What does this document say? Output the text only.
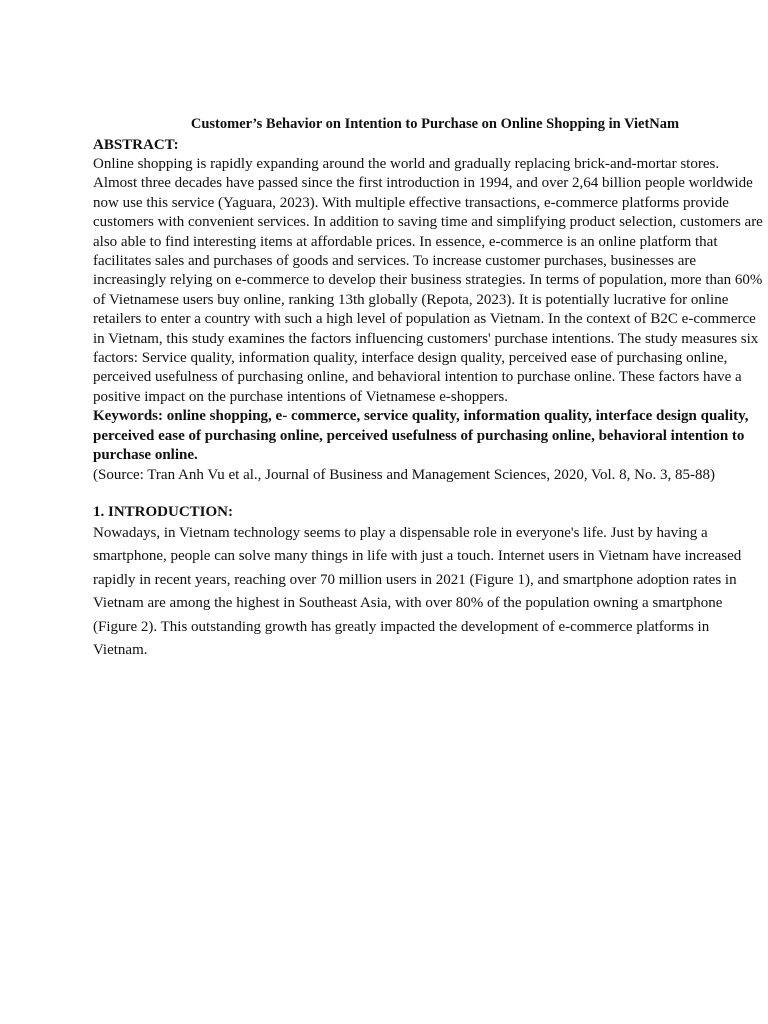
Customer’s Behavior on Intention to Purchase on Online Shopping in VietNam

ABSTRACT:

Online shopping is rapidly expanding around the world and gradually replacing brick-and-mortar stores. Almost three decades have passed since the first introduction in 1994, and over 2,64 billion people worldwide now use this service (Yaguara, 2023). With multiple effective transactions, e-commerce platforms provide customers with convenient services. In addition to saving time and simplifying product selection, customers are also able to find interesting items at affordable prices. In essence, e-commerce is an online platform that facilitates sales and purchases of goods and services. To increase customer purchases, businesses are increasingly relying on e-commerce to develop their business strategies. In terms of population, more than 60% of Vietnamese users buy online, ranking 13th globally (Repota, 2023). It is potentially lucrative for online retailers to enter a country with such a high level of population as Vietnam. In the context of B2C e-commerce in Vietnam, this study examines the factors influencing customers' purchase intentions. The study measures six factors: Service quality, information quality, interface design quality, perceived ease of purchasing online, perceived usefulness of purchasing online, and behavioral intention to purchase online. These factors have a positive impact on the purchase intentions of Vietnamese e-shoppers.

Keywords: online shopping, e- commerce, service quality, information quality, interface design quality, perceived ease of purchasing online, perceived usefulness of purchasing online, behavioral intention to purchase online.

(Source: Tran Anh Vu et al., Journal of Business and Management Sciences, 2020, Vol. 8, No. 3, 85-88)

1. INTRODUCTION:

Nowadays, in Vietnam technology seems to play a dispensable role in everyone's life. Just by having a smartphone, people can solve many things in life with just a touch. Internet users in Vietnam have increased rapidly in recent years, reaching over 70 million users in 2021 (Figure 1), and smartphone adoption rates in Vietnam are among the highest in Southeast Asia, with over 80% of the population owning a smartphone (Figure 2). This outstanding growth has greatly impacted the development of e-commerce platforms in Vietnam.
